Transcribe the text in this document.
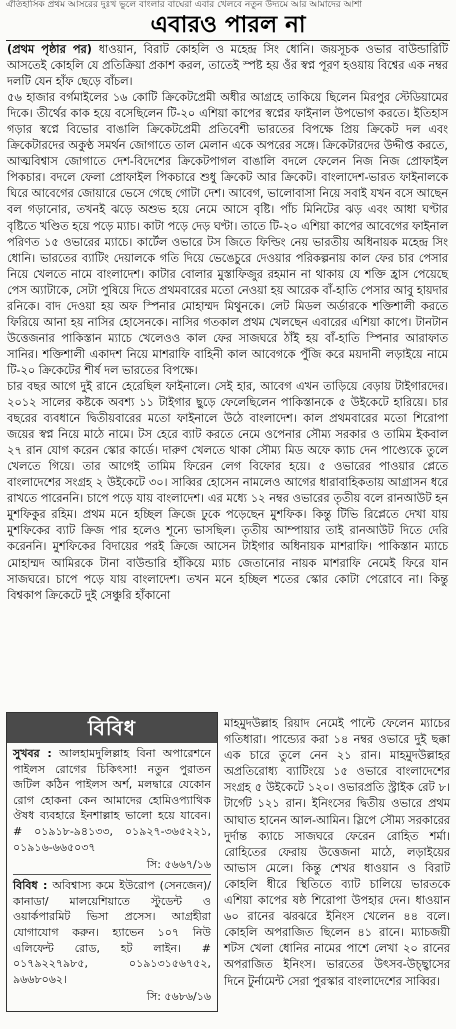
ঐতিহাসিক প্রথম আসরের দুঃখ ভুলে বাংলার বাঘেরা এবার খেলবে নতুন উদ্যমে আর আমাদের আশা
এবারও পারল না

(প্রথম পৃষ্ঠার পর) ধাওয়ান, বিরাট কোহলি ও মহেন্দ্র সিং ধোনি। জয়সূচক ওভার বাউন্ডারিটি আসতেই কোহলি যে প্রতিক্রিয়া প্রকাশ করল, তাতেই স্পষ্ট হয় ওঁর স্বপ্ন পূরণ হওয়ায় বিশ্বের এক নম্বর দলটি যেন হাঁফ ছেড়ে বাঁচল।

৫৬ হাজার বর্গমাইলের ১৬ কোটি ক্রিকেটপ্রেমী অধীর আগ্রহে তাকিয়ে ছিলেন মিরপুর স্টেডিয়ামের দিকে। তীর্থের কাক হয়ে বসেছিলেন টি-২০ এশিয়া কাপের স্বপ্নের ফাইনাল উপভোগ করতে। ইতিহাস গড়ার স্বপ্নে বিভোর বাঙালি ক্রিকেটপ্রেমী প্রতিবেশী ভারতের বিপক্ষে প্রিয় ক্রিকেট দল এবং ক্রিকেটারদের অকুণ্ঠ সমর্থন জোগাতে তাল মেলান একে অপরের সঙ্গে। ক্রিকেটারদের উদ্দীপ্ত করতে, আত্মবিশ্বাস জোগাতে দেশ-বিদেশের ক্রিকেটপাগল বাঙালি বদলে ফেলেন নিজ নিজ প্রোফাইল পিকচার। বদলে ফেলা প্রোফাইল পিকচারে শুধু ক্রিকেট আর ক্রিকেট। বাংলাদেশ-ভারত ফাইনালকে ঘিরে আবেগের জোয়ারে ভেসে গেছে গোটা দেশ। আবেগ, ভালোবাসা নিয়ে সবাই যখন বসে আছেন বল গড়ানোর, তখনই ঝড়ে অশুভ হয়ে নেমে আসে বৃষ্টি। পাঁচ মিনিটের ঝড় এবং আধা ঘণ্টার বৃষ্টিতে খণ্ডিত হয়ে পড়ে ম্যাচ। কাটা পড়ে দেড় ঘণ্টা। তাতে টি-২০ এশিয়া কাপের আবেগের ফাইনাল পরিণত ১৫ ওভারের ম্যাচে। কার্টেল ওভারে টস জিতে ফিল্ডিং নেয় ভারতীয় অধিনায়ক মহেন্দ্র সিং ধোনি। ভারতের ব্যাটিং দেয়ালকে গতি দিয়ে ভেঙেচুরে দেওয়ার পরিকল্পনায় কাল ফের চার পেসার নিয়ে খেলতে নামে বাংলাদেশ। কাটার বোলার মুস্তাফিজুর রহমান না থাকায় যে শক্তি হ্রাস পেয়েছে পেস অ্যাটাকে, সেটা পুষিয়ে দিতে প্রথমবারের মতো নেওয়া হয় আরেক বাঁ-হাতি পেসার আবু হায়দার রনিকে। বাদ দেওয়া হয় অফ স্পিনার মোহাম্মদ মিথুনকে। লেট মিডল অর্ডারকে শক্তিশালী করতে ফিরিয়ে আনা হয় নাসির হোসেনকে। নাসির গতকাল প্রথম খেলছেন এবারের এশিয়া কাপে। টানটান উত্তেজনার পাকিস্তান ম্যাচে খেলেওও কাল ফের সাজঘরে ঠাঁই হয় বাঁ-হাতি স্পিনার আরাফাত সানির। শক্তিশালী একাদশ নিয়ে মাশরাফি বাহিনী কাল আবেগকে পুঁজি করে ময়দানী লড়াইয়ে নামে টি-২০ ক্রিকেটের শীর্ষ দল ভারতের বিপক্ষে।

চার বছর আগে দুই রানে হেরেছিল ফাইনালে। সেই হার, আবেগ এখন তাড়িয়ে বেড়ায় টাইগারদের। ২০১২ সালের কষ্টকে অবশ্য ১১ টাইগার ছুড়ে ফেলেছিলেন পাকিস্তানকে ৫ উইকেটে হারিয়ে। চার বছরের ব্যবধানে দ্বিতীয়বারের মতো ফাইনালে উঠে বাংলাদেশ। কাল প্রথমবারের মতো শিরোপা জয়ের স্বপ্ন নিয়ে মাঠে নামে। টস হেরে ব্যাট করতে নেমে ওপেনার সৌম্য সরকার ও তামিম ইকবাল ২৭ রান যোগ করেন স্কোর কার্ডে। দারুণ খেলতে থাকা সৌম্য মিড অফে ক্যাচ দেন পাণ্ড্যেকে তুলে খেলতে গিয়ে। তার আগেই তামিম ফিরেন লেগ বিফোর হয়ে। ৫ ওভারের পাওয়ার প্লেতে বাংলাদেশের সংগ্রহ ২ উইকেটে ৩০। সাব্বির হোসেন নামলেও আগের ধারাবাহিকতায় আগ্রাসন ধরে রাখতে পারেননি। চাপে পড়ে যায় বাংলাদেশ। এর মধ্যে ১২ নম্বর ওভারের তৃতীয় বলে রানআউট হন মুশফিকুর রহিম। প্রথম মনে হচ্ছিল ক্রিজে ঢুকে পড়েছেন মুশফিক। কিন্তু টিভি রিপ্লেতে দেখা যায় মুশফিকের ব্যাট ক্রিজ পার হলেও শূন্যে ভাসছিল। তৃতীয় আম্পায়ার তাই রানআউট দিতে দেরি করেননি। মুশফিকের বিদায়ের পরই ক্রিজে আসেন টাইগার অধিনায়ক মাশরাফি। পাকিস্তান ম্যাচে মোহাম্মদ আমিরকে টানা বাউন্ডারি হাঁকিয়ে ম্যাচ জেতানোর নায়ক মাশরাফি নেমেই ফিরে যান সাজঘরে। চাপে পড়ে যায় বাংলাদেশ। তখন মনে হচ্ছিল শতের স্কোর কোটা পেরোবে না। কিন্তু বিশ্বকাপ ক্রিকেটে দুই সেঞ্চুরি হাঁকানো

মাহমুদউল্লাহ রিয়াদ নেমেই পাল্টে ফেলেন ম্যাচের গতিধারা। পান্ড্যের করা ১৪ নম্বর ওভারে দুই ছক্কা এক চারে তুলে নেন ২১ রান। মাহমুদউল্লাহর অপ্রতিরোধ্য ব্যাটিংয়ে ১৫ ওভারে বাংলাদেশের সংগ্রহ ৫ উইকেটে ১২০। ওভারপ্রতি স্ট্রাইক রেট ৮। টার্গেট ১২১ রান। ইনিংসের দ্বিতীয় ওভারে প্রথম আঘাত হানেন আল-আমিন। স্লিপে সৌম্য সরকারের দুর্দান্ত ক্যাচে সাজঘরে ফেরেন রোহিত শর্মা। রোহিতের ফেরায় উত্তেজনা মাঠে, লড়াইয়ের আভাস মেলে। কিন্তু শেখর ধাওয়ান ও বিরাট কোহলি ধীরে স্থিতিতে ব্যাট চালিয়ে ভারতকে এশিয়া কাপের ষষ্ঠ শিরোপা উপহার দেন। ধাওয়ান ৬০ রানের ঝরঝরে ইনিংস খেলেন ৪৪ বলে। কোহলি অপরাজিত ছিলেন ৪১ রানে। ম্যাচজয়ী শটস খেলা ধোনির নামের পাশে লেখা ২০ রানের অপরাজিত ইনিংস। ভারতের উৎসব-উচ্ছ্বাসের দিনে টুর্নামেন্ট সেরা পুরস্কার বাংলাদেশের সাব্বির।
বিবিধ
সুখবর : আলহামদুলিল্লাহ বিনা অপারেশনে পাইলস রোগের চিকিৎসা! নতুন পুরাতন জটিল কঠিন পাইলস অর্শ, মলদ্বারে যেকোন রোগ হোকনা কেন আমাদের হোমিওপ্যাথিক ঔষধ ব্যবহারে ইনশাল্লাহ ভালো হয়ে যাবেন। # ০১৯১৮-৯৪১৩৩, ০১৯২৭-৩৬৫২২১, ০১৯১৬-৬৬৫০৩৭
সি: ৫৬৬৭/১৬
বিবিধ : অবিশ্বাস্য কমে ইউরোপ (সেনজেন)/ কানাডা/ মালয়েশিয়াতে স্টুডেন্ট ও ওয়ার্কপারমিট ভিসা প্রসেস। আগ্রহীরা যোগাযোগ করুন। হ্যাভেন ১০৭ নিউ এলিফেন্ট রোড, হট লাইন। # ০১৭৯২২৭৯৮৫, ০১৯১৩১৫৬৭৫২, ৯৬৬৮০৬২।
সি: ৫৬৮৬/১৬
